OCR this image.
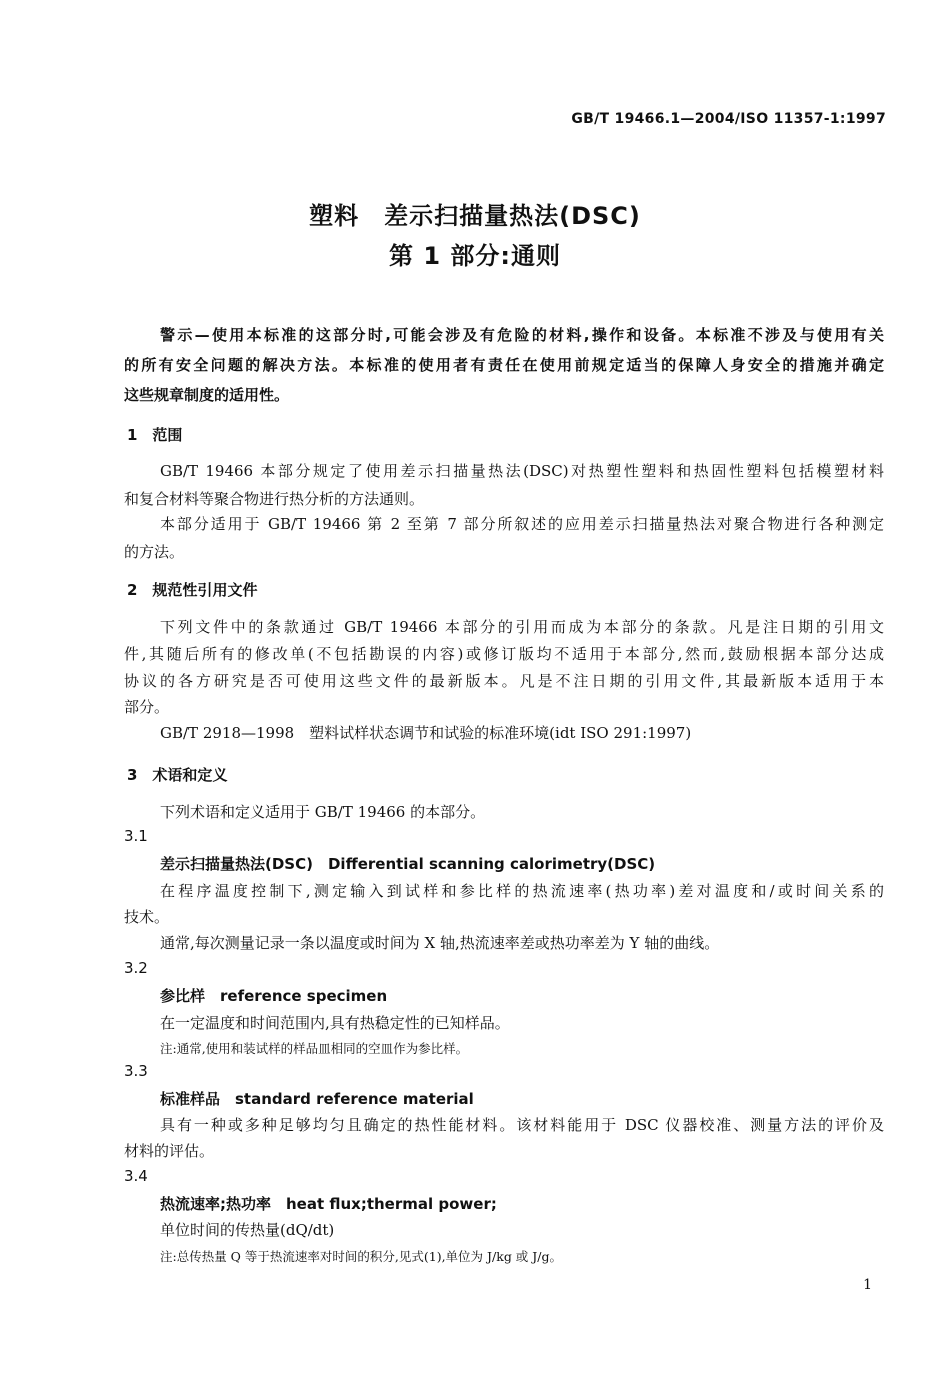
GB/T 19466.1—2004/ISO 11357-1:1997
塑料　差示扫描量热法(DSC)
第 1 部分:通则
警示—使用本标准的这部分时,可能会涉及有危险的材料,操作和设备。本标准不涉及与使用有关
的所有安全问题的解决方法。本标准的使用者有责任在使用前规定适当的保障人身安全的措施并确定
这些规章制度的适用性。
1　范围
GB/T 19466 本部分规定了使用差示扫描量热法(DSC)对热塑性塑料和热固性塑料包括模塑材料
和复合材料等聚合物进行热分析的方法通则。
本部分适用于 GB/T 19466 第 2 至第 7 部分所叙述的应用差示扫描量热法对聚合物进行各种测定
的方法。
2　规范性引用文件
下列文件中的条款通过 GB/T 19466 本部分的引用而成为本部分的条款。凡是注日期的引用文
件,其随后所有的修改单(不包括勘误的内容)或修订版均不适用于本部分,然而,鼓励根据本部分达成
协议的各方研究是否可使用这些文件的最新版本。凡是不注日期的引用文件,其最新版本适用于本
部分。
GB/T 2918—1998　塑料试样状态调节和试验的标准环境(idt ISO 291:1997)
3　术语和定义
下列术语和定义适用于 GB/T 19466 的本部分。
3.1
差示扫描量热法(DSC)　Differential scanning calorimetry(DSC)
在程序温度控制下,测定输入到试样和参比样的热流速率(热功率)差对温度和/或时间关系的
技术。
通常,每次测量记录一条以温度或时间为 X 轴,热流速率差或热功率差为 Y 轴的曲线。
3.2
参比样　reference specimen
在一定温度和时间范围内,具有热稳定性的已知样品。
注:通常,使用和装试样的样品皿相同的空皿作为参比样。
3.3
标准样品　standard reference material
具有一种或多种足够均匀且确定的热性能材料。该材料能用于 DSC 仪器校准、测量方法的评价及
材料的评估。
3.4
热流速率;热功率　heat flux;thermal power;
单位时间的传热量(dQ/dt)
注:总传热量 Q 等于热流速率对时间的积分,见式(1),单位为 J/kg 或 J/g。
1
